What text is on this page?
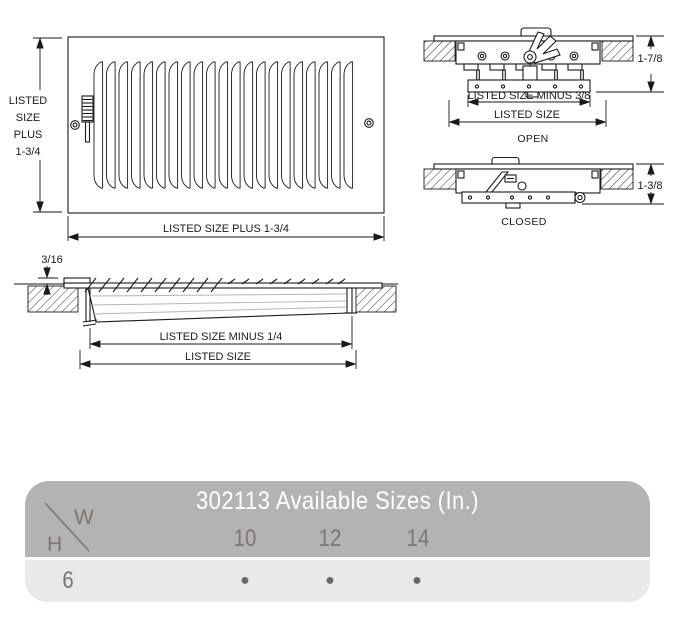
LISTED
SIZE
PLUS
1-3/4
LISTED SIZE PLUS 1-3/4
1-7/8
LISTED SIZE MINUS 3/8
LISTED SIZE
OPEN
1-3/8
CLOSED
3/16
LISTED SIZE MINUS 1/4
LISTED SIZE
302113 Available Sizes (In.)
W
H	10	12	14
6	●	●	●
